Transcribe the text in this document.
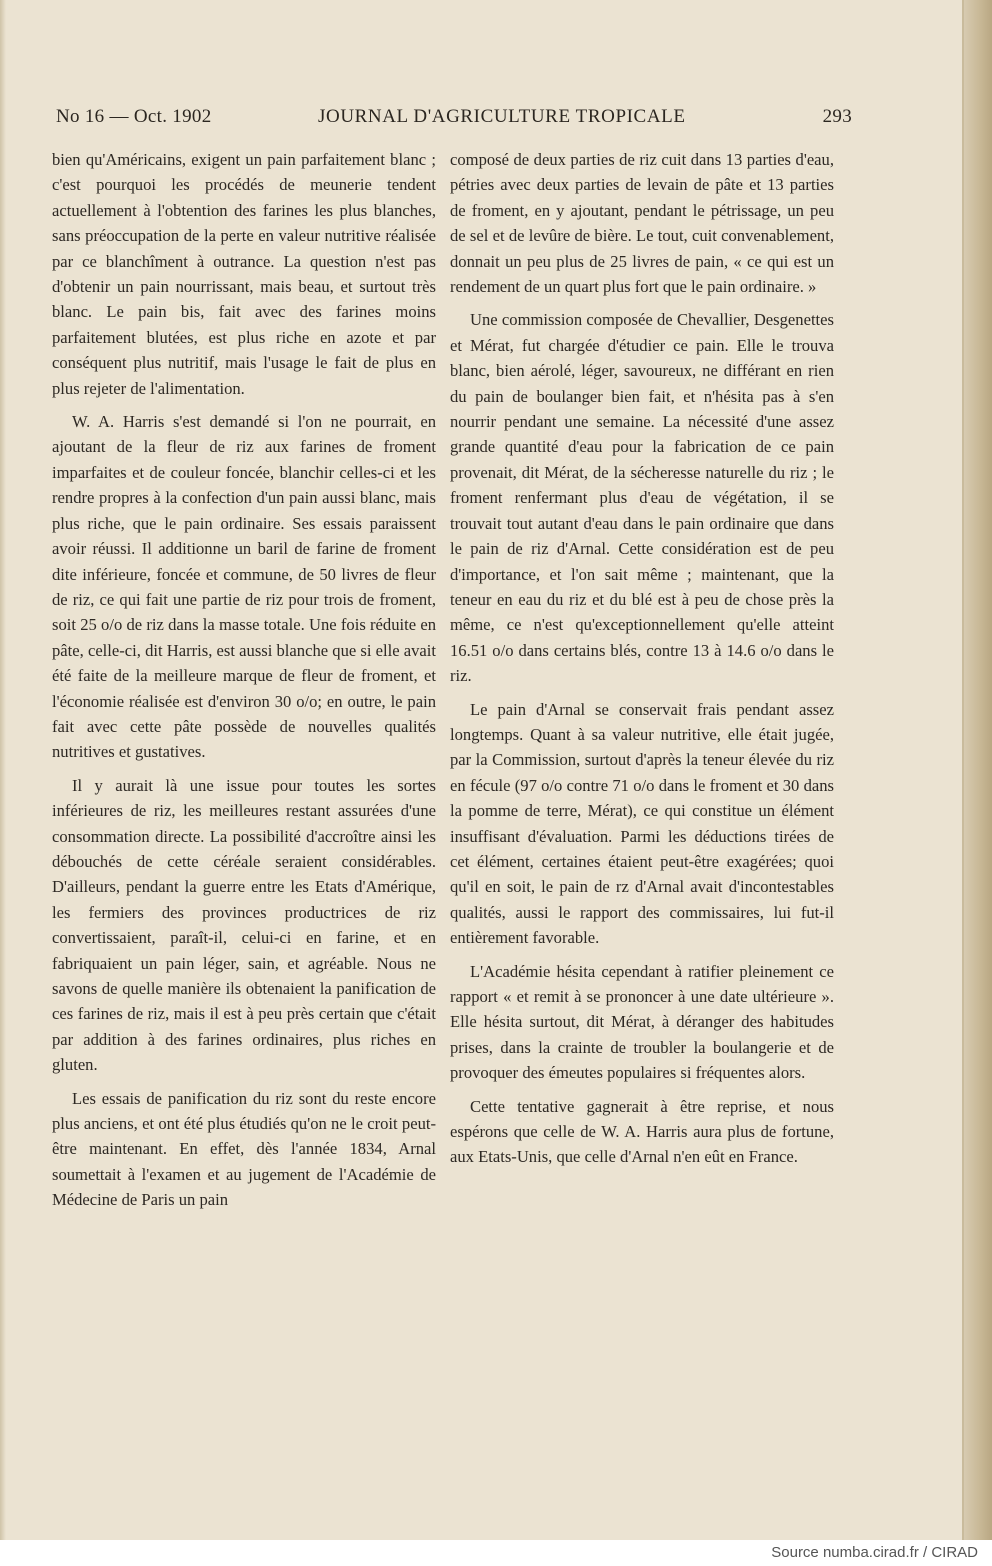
No 16 — Oct. 1902	JOURNAL D'AGRICULTURE TROPICALE	293

bien qu'Américains, exigent un pain parfaitement blanc ; c'est pourquoi les procédés de meunerie tendent actuellement à l'obtention des farines les plus blanches, sans préoccupation de la perte en valeur nutritive réalisée par ce blanchîment à outrance. La question n'est pas d'obtenir un pain nourrissant, mais beau, et surtout très blanc. Le pain bis, fait avec des farines moins parfaitement blutées, est plus riche en azote et par conséquent plus nutritif, mais l'usage le fait de plus en plus rejeter de l'alimentation.

W. A. Harris s'est demandé si l'on ne pourrait, en ajoutant de la fleur de riz aux farines de froment imparfaites et de couleur foncée, blanchir celles-ci et les rendre propres à la confection d'un pain aussi blanc, mais plus riche, que le pain ordinaire. Ses essais paraissent avoir réussi. Il additionne un baril de farine de froment dite inférieure, foncée et commune, de 50 livres de fleur de riz, ce qui fait une partie de riz pour trois de froment, soit 25 o/o de riz dans la masse totale. Une fois réduite en pâte, celle-ci, dit Harris, est aussi blanche que si elle avait été faite de la meilleure marque de fleur de froment, et l'économie réalisée est d'environ 30 o/o; en outre, le pain fait avec cette pâte possède de nouvelles qualités nutritives et gustatives.

Il y aurait là une issue pour toutes les sortes inférieures de riz, les meilleures restant assurées d'une consommation directe. La possibilité d'accroître ainsi les débouchés de cette céréale seraient considérables. D'ailleurs, pendant la guerre entre les Etats d'Amérique, les fermiers des provinces productrices de riz convertissaient, paraît-il, celui-ci en farine, et en fabriquaient un pain léger, sain, et agréable. Nous ne savons de quelle manière ils obtenaient la panification de ces farines de riz, mais il est à peu près certain que c'était par addition à des farines ordinaires, plus riches en gluten.

Les essais de panification du riz sont du reste encore plus anciens, et ont été plus étudiés qu'on ne le croit peut-être maintenant. En effet, dès l'année 1834, Arnal soumettait à l'examen et au jugement de l'Académie de Médecine de Paris un pain

composé de deux parties de riz cuit dans 13 parties d'eau, pétries avec deux parties de levain de pâte et 13 parties de froment, en y ajoutant, pendant le pétrissage, un peu de sel et de levûre de bière. Le tout, cuit convenablement, donnait un peu plus de 25 livres de pain, « ce qui est un rendement de un quart plus fort que le pain ordinaire. »

Une commission composée de Chevallier, Desgenettes et Mérat, fut chargée d'étudier ce pain. Elle le trouva blanc, bien aérolé, léger, savoureux, ne différant en rien du pain de boulanger bien fait, et n'hésita pas à s'en nourrir pendant une semaine. La nécessité d'une assez grande quantité d'eau pour la fabrication de ce pain provenait, dit Mérat, de la sécheresse naturelle du riz ; le froment renfermant plus d'eau de végétation, il se trouvait tout autant d'eau dans le pain ordinaire que dans le pain de riz d'Arnal. Cette considération est de peu d'importance, et l'on sait même ; maintenant, que la teneur en eau du riz et du blé est à peu de chose près la même, ce n'est qu'exceptionnellement qu'elle atteint 16.51 o/o dans certains blés, contre 13 à 14.6 o/o dans le riz.

Le pain d'Arnal se conservait frais pendant assez longtemps. Quant à sa valeur nutritive, elle était jugée, par la Commission, surtout d'après la teneur élevée du riz en fécule (97 o/o contre 71 o/o dans le froment et 30 dans la pomme de terre, Mérat), ce qui constitue un élément insuffisant d'évaluation. Parmi les déductions tirées de cet élément, certaines étaient peut-être exagérées; quoi qu'il en soit, le pain de rz d'Arnal avait d'incontestables qualités, aussi le rapport des commissaires, lui fut-il entièrement favorable.

L'Académie hésita cependant à ratifier pleinement ce rapport « et remit à se prononcer à une date ultérieure ». Elle hésita surtout, dit Mérat, à déranger des habitudes prises, dans la crainte de troubler la boulangerie et de provoquer des émeutes populaires si fréquentes alors.

Cette tentative gagnerait à être reprise, et nous espérons que celle de W. A. Harris aura plus de fortune, aux Etats-Unis, que celle d'Arnal n'en eût en France.

Source numba.cirad.fr / CIRAD
